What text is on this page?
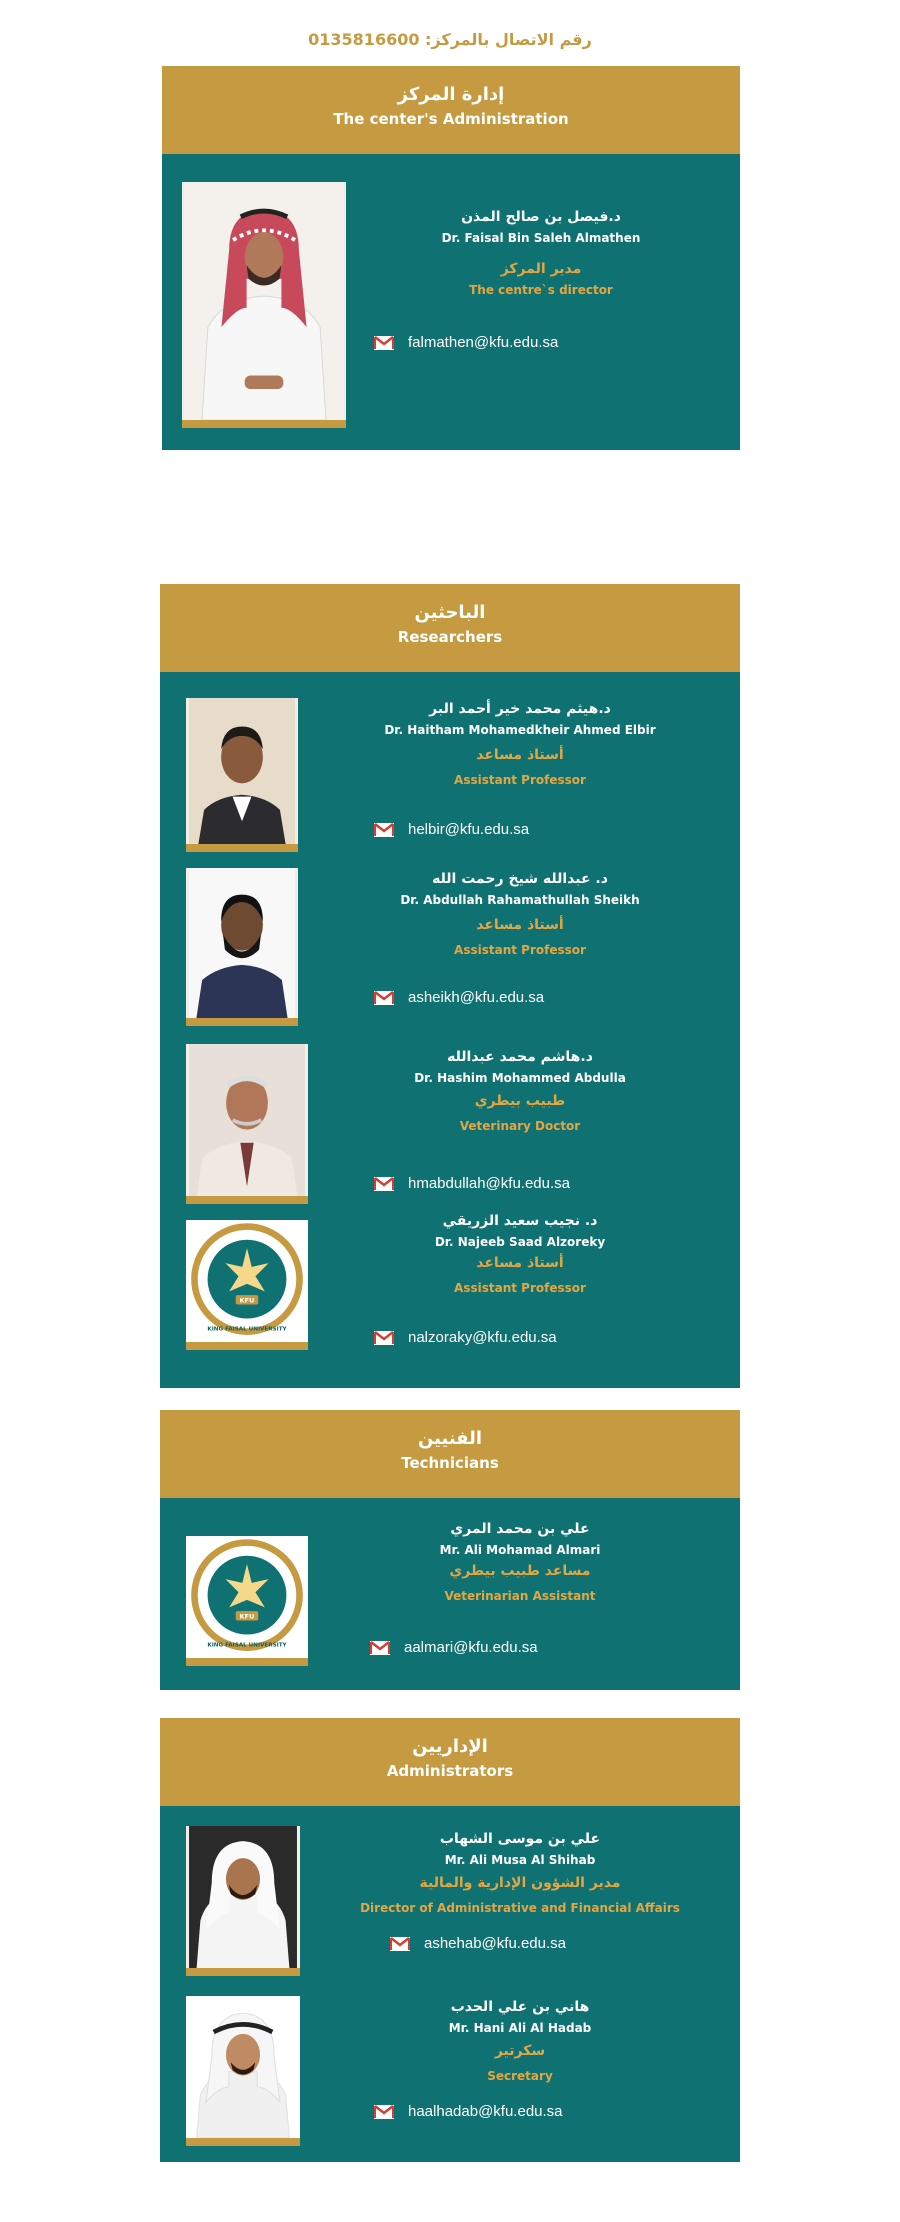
رقم الاتصال بالمركز: 0135816600
إدارة المركز
The center's Administration
د.فيصل بن صالح المذن
Dr. Faisal Bin Saleh Almathen
مدير المركز
The centre`s director
falmathen@kfu.edu.sa
الباحثين
Researchers
د.هيثم محمد خير أحمد البر
Dr. Haitham Mohamedkheir Ahmed Elbir
أستاذ مساعد
Assistant Professor
helbir@kfu.edu.sa
د. عبدالله شيخ رحمت الله
Dr. Abdullah Rahamathullah Sheikh
أستاذ مساعد
Assistant Professor
asheikh@kfu.edu.sa
د.هاشم محمد عبدالله
Dr. Hashim Mohammed Abdulla
طبيب بيطري
Veterinary Doctor
hmabdullah@kfu.edu.sa
KFU
KING FAISAL UNIVERSITY
د. نجيب سعيد الزريقي
Dr. Najeeb Saad Alzoreky
أستاذ مساعد
Assistant Professor
nalzoraky@kfu.edu.sa
الفنيين
Technicians
KFU
KING FAISAL UNIVERSITY
علي بن محمد المري
Mr. Ali Mohamad Almari
مساعد طبيب بيطري
Veterinarian Assistant
aalmari@kfu.edu.sa
الإداريين
Administrators
علي بن موسى الشهاب
Mr. Ali Musa Al Shihab
مدير الشؤون الإدارية والمالية
Director of Administrative and Financial Affairs
ashehab@kfu.edu.sa
هاني بن علي الحدب
Mr. Hani Ali Al Hadab
سكرتير
Secretary
haalhadab@kfu.edu.sa
